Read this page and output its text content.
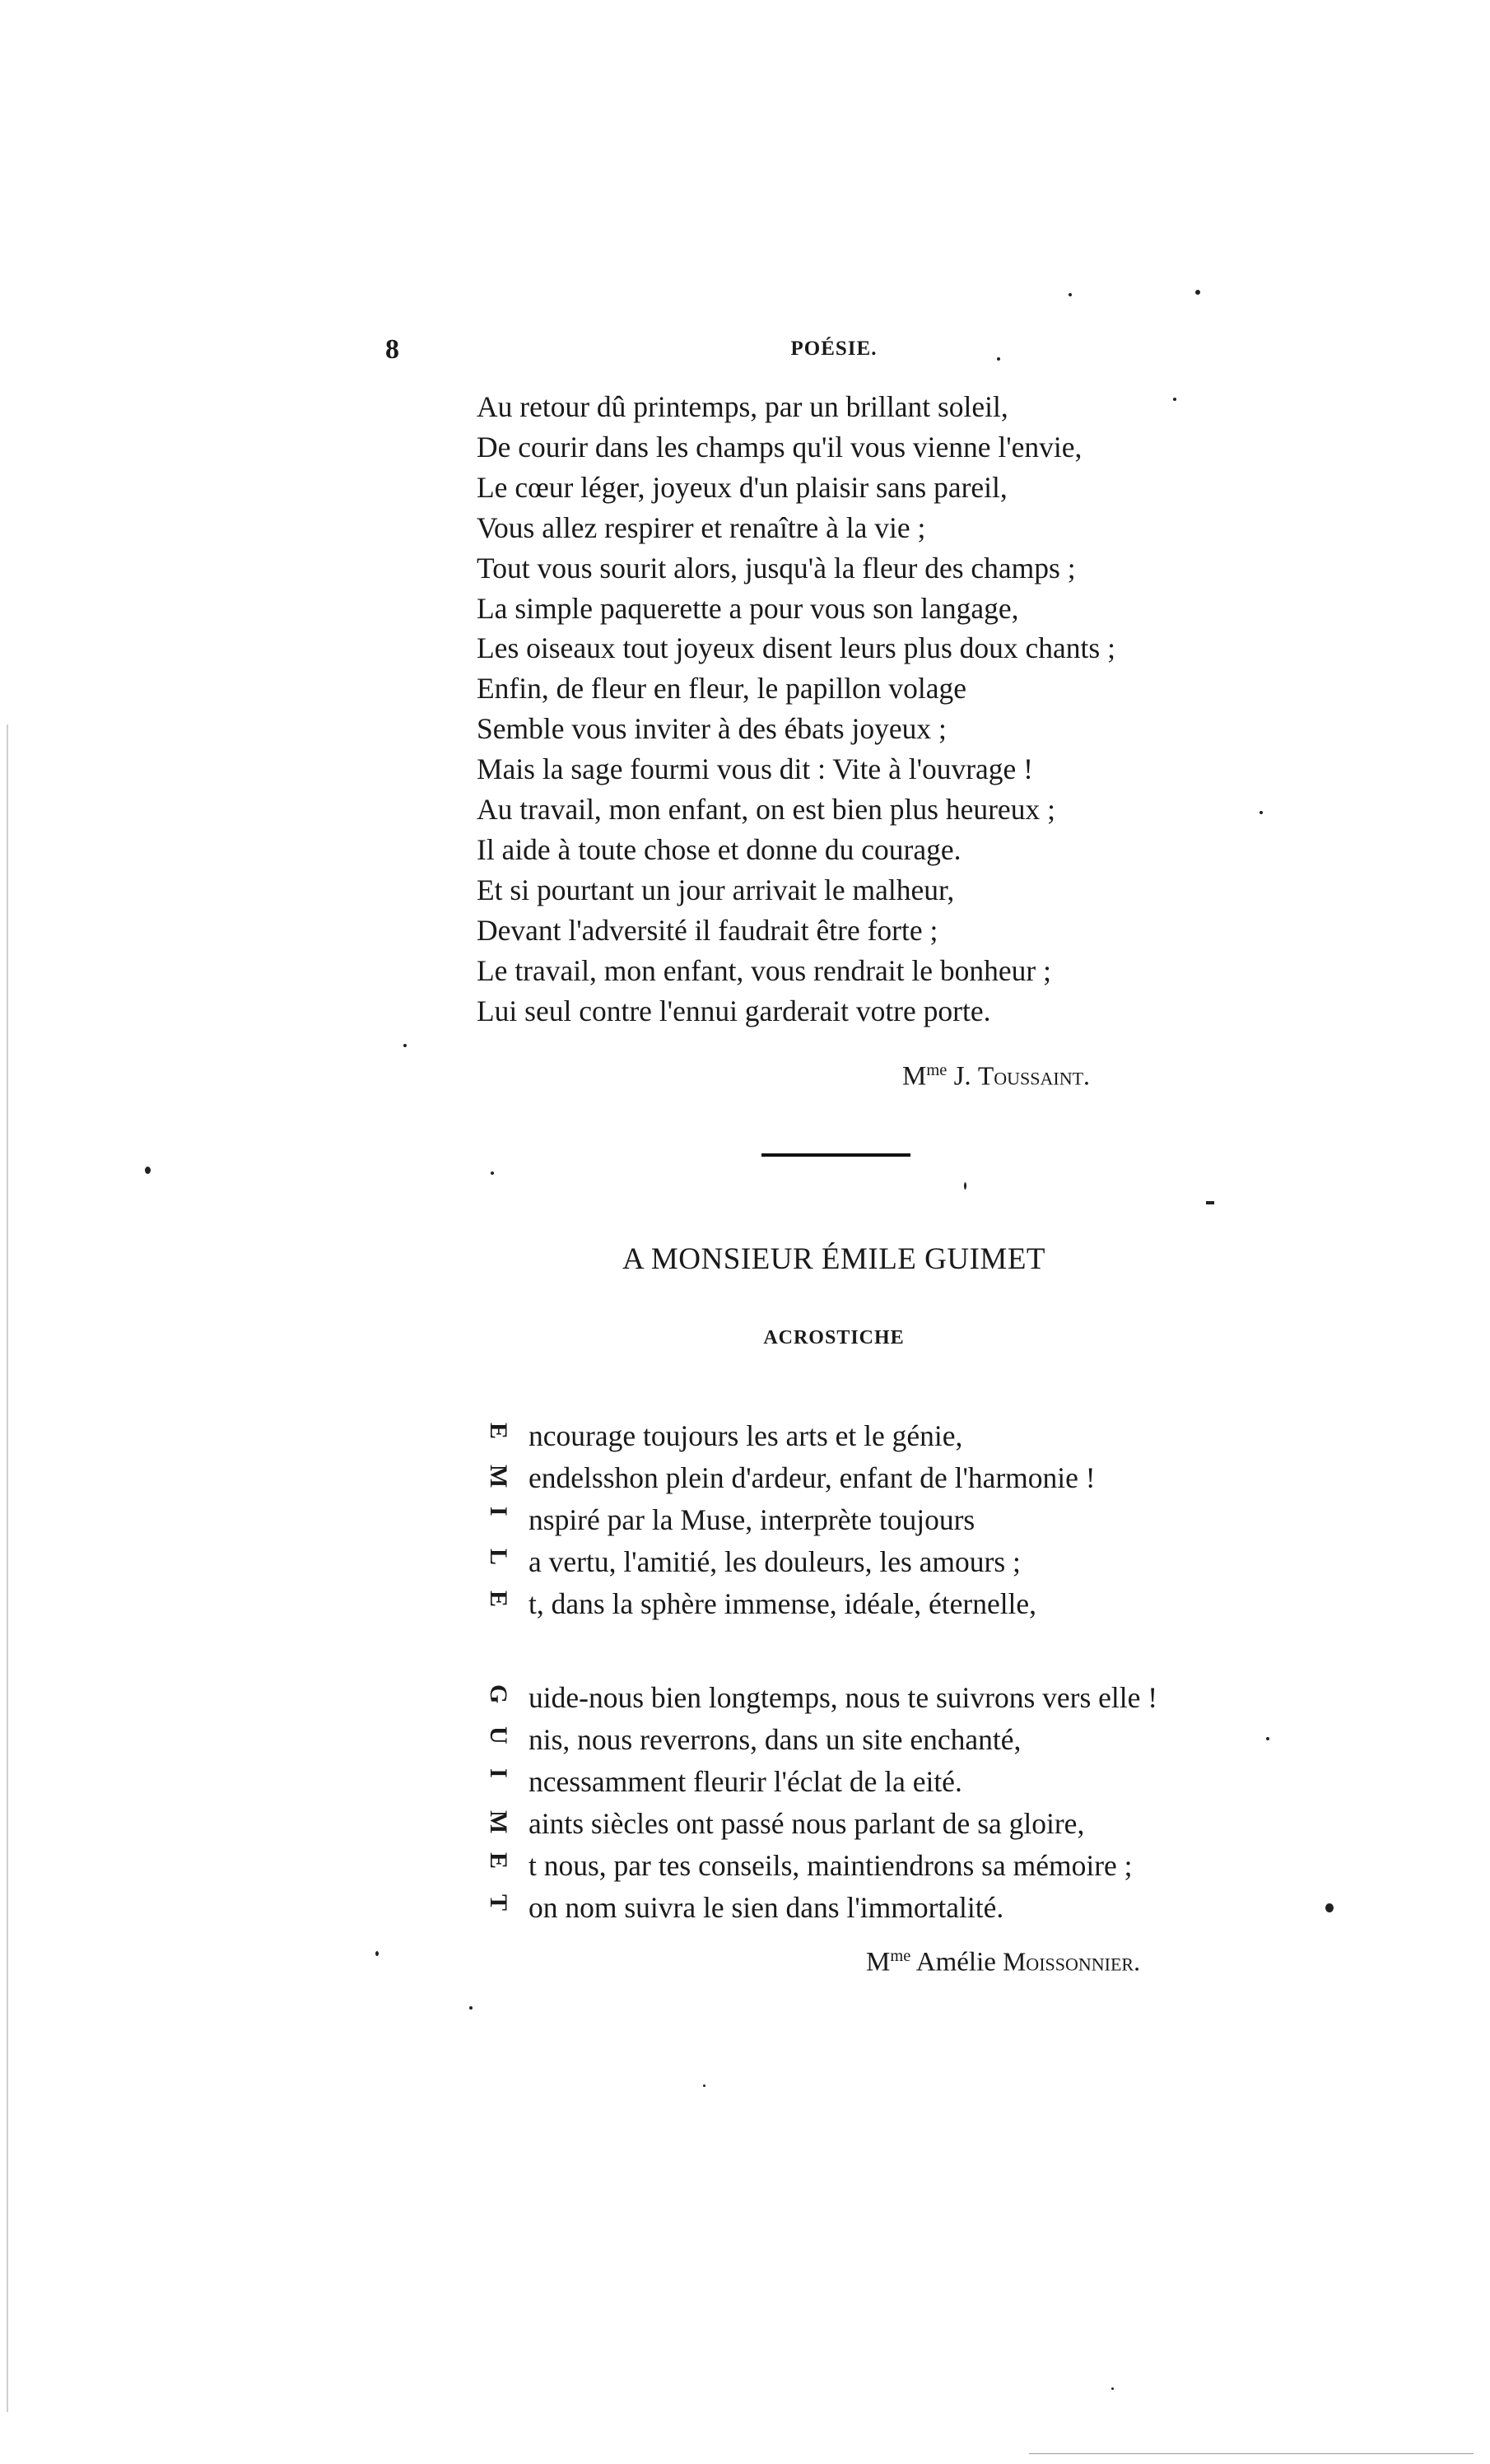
8	POÉSIE.
Au retour dû printemps, par un brillant soleil,
De courir dans les champs qu'il vous vienne l'envie,
Le cœur léger, joyeux d'un plaisir sans pareil,
Vous allez respirer et renaître à la vie ;
Tout vous sourit alors, jusqu'à la fleur des champs ;
La simple paquerette a pour vous son langage,
Les oiseaux tout joyeux disent leurs plus doux chants ;
Enfin, de fleur en fleur, le papillon volage
Semble vous inviter à des ébats joyeux ;
Mais la sage fourmi vous dit : Vite à l'ouvrage !
Au travail, mon enfant, on est bien plus heureux ;
Il aide à toute chose et donne du courage.
Et si pourtant un jour arrivait le malheur,
Devant l'adversité il faudrait être forte ;
Le travail, mon enfant, vous rendrait le bonheur ;
Lui seul contre l'ennui garderait votre porte.
$M^{me}$ J. Toussaint.
A MONSIEUR ÉMILE GUIMET
ACROSTICHE
E ncourage toujours les arts et le génie,
M endelsshon plein d'ardeur, enfant de l'harmonie !
I nspiré par la Muse, interprète toujours
L a vertu, l'amitié, les douleurs, les amours ;
E t, dans la sphère immense, idéale, éternelle,
G uide-nous bien longtemps, nous te suivrons vers elle !
U nis, nous reverrons, dans un site enchanté,
I ncessamment fleurir l'éclat de la eité.
M aints siècles ont passé nous parlant de sa gloire,
E t nous, par tes conseils, maintiendrons sa mémoire ;
T on nom suivra le sien dans l'immortalité.
$M^{me}$ Amélie Moissonnier.
